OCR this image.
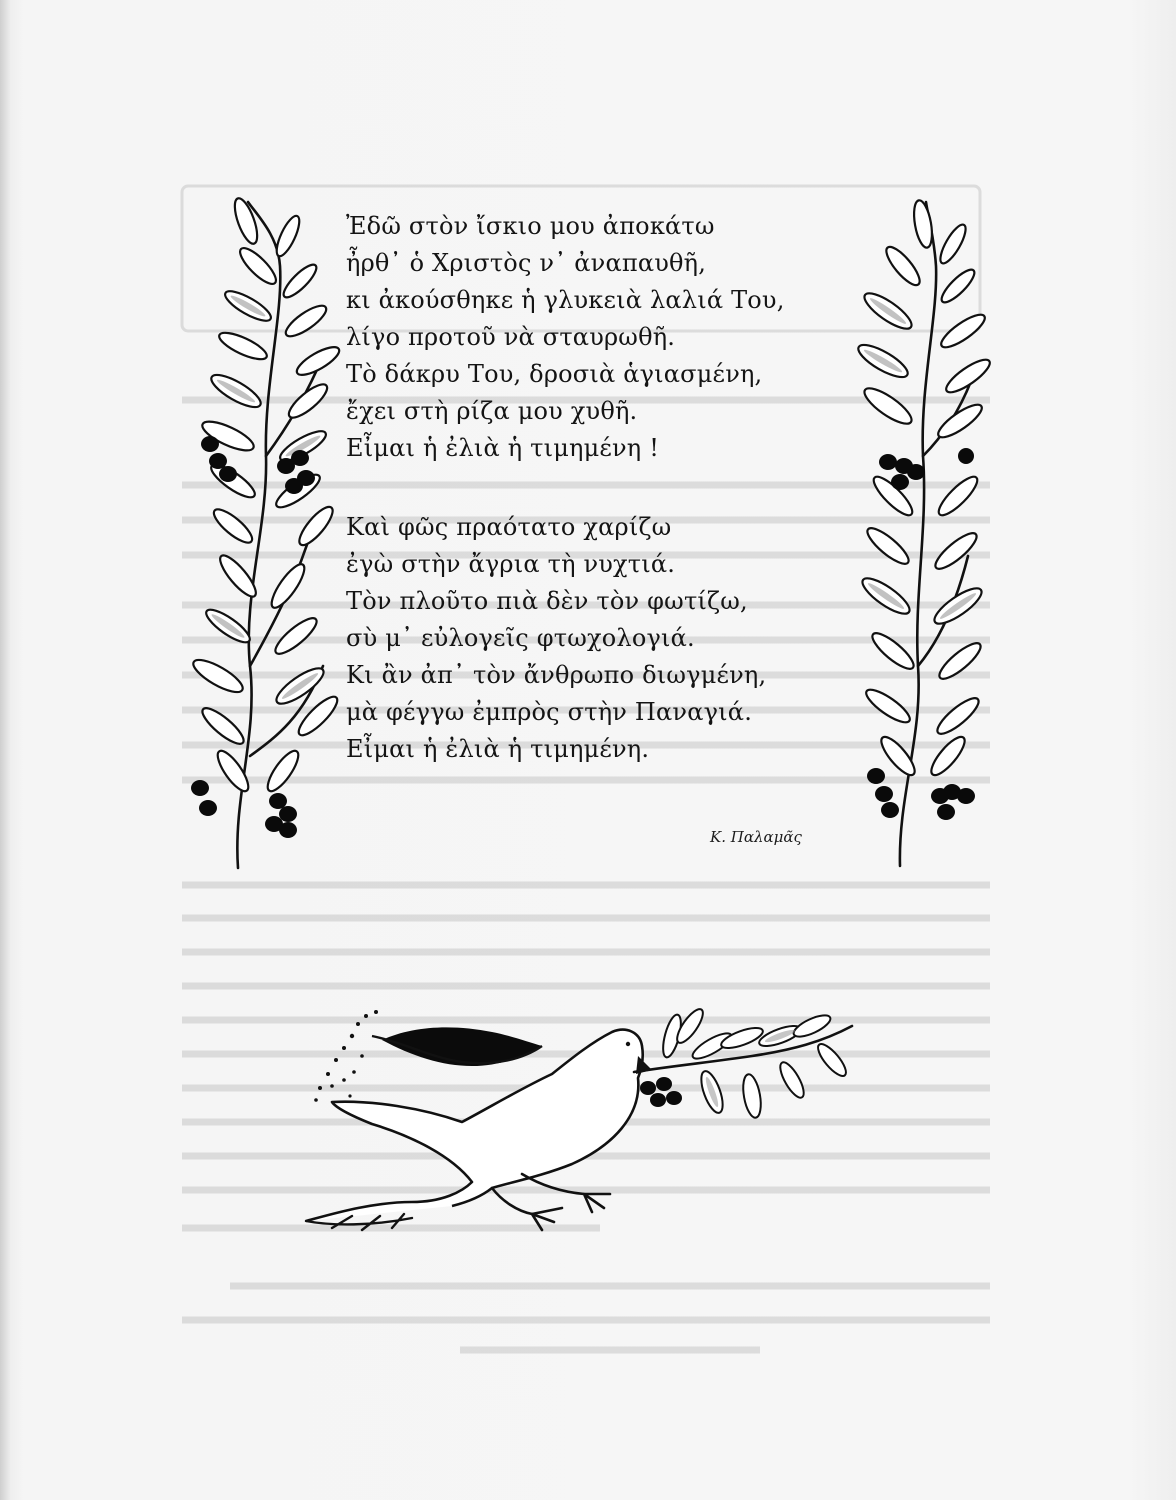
Ἐδῶ στὸν ἴσκιο μου ἀποκάτω
ἦρθ᾽ ὁ Χριστὸς ν᾽ ἀναπαυθῆ,
κι ἀκούσθηκε ἡ γλυκειὰ λαλιά Του,
λίγο προτοῦ νὰ σταυρωθῆ.
Τὸ δάκρυ Του, δροσιὰ ἁγιασμένη,
ἔχει στὴ ρίζα μου χυθῆ.
Εἶμαι ἡ ἐλιὰ ἡ τιμημένη !
Καὶ φῶς πραότατο χαρίζω
ἐγὼ στὴν ἄγρια τὴ νυχτιά.
Τὸν πλοῦτο πιὰ δὲν τὸν φωτίζω,
σὺ μ᾽ εὐλογεῖς φτωχολογιά.
Κι ἂν ἀπ᾽ τὸν ἄνθρωπο διωγμένη,
μὰ φέγγω ἐμπρὸς στὴν Παναγιά.
Εἶμαι ἡ ἐλιὰ ἡ τιμημένη.
Κ. Παλαμᾶς
